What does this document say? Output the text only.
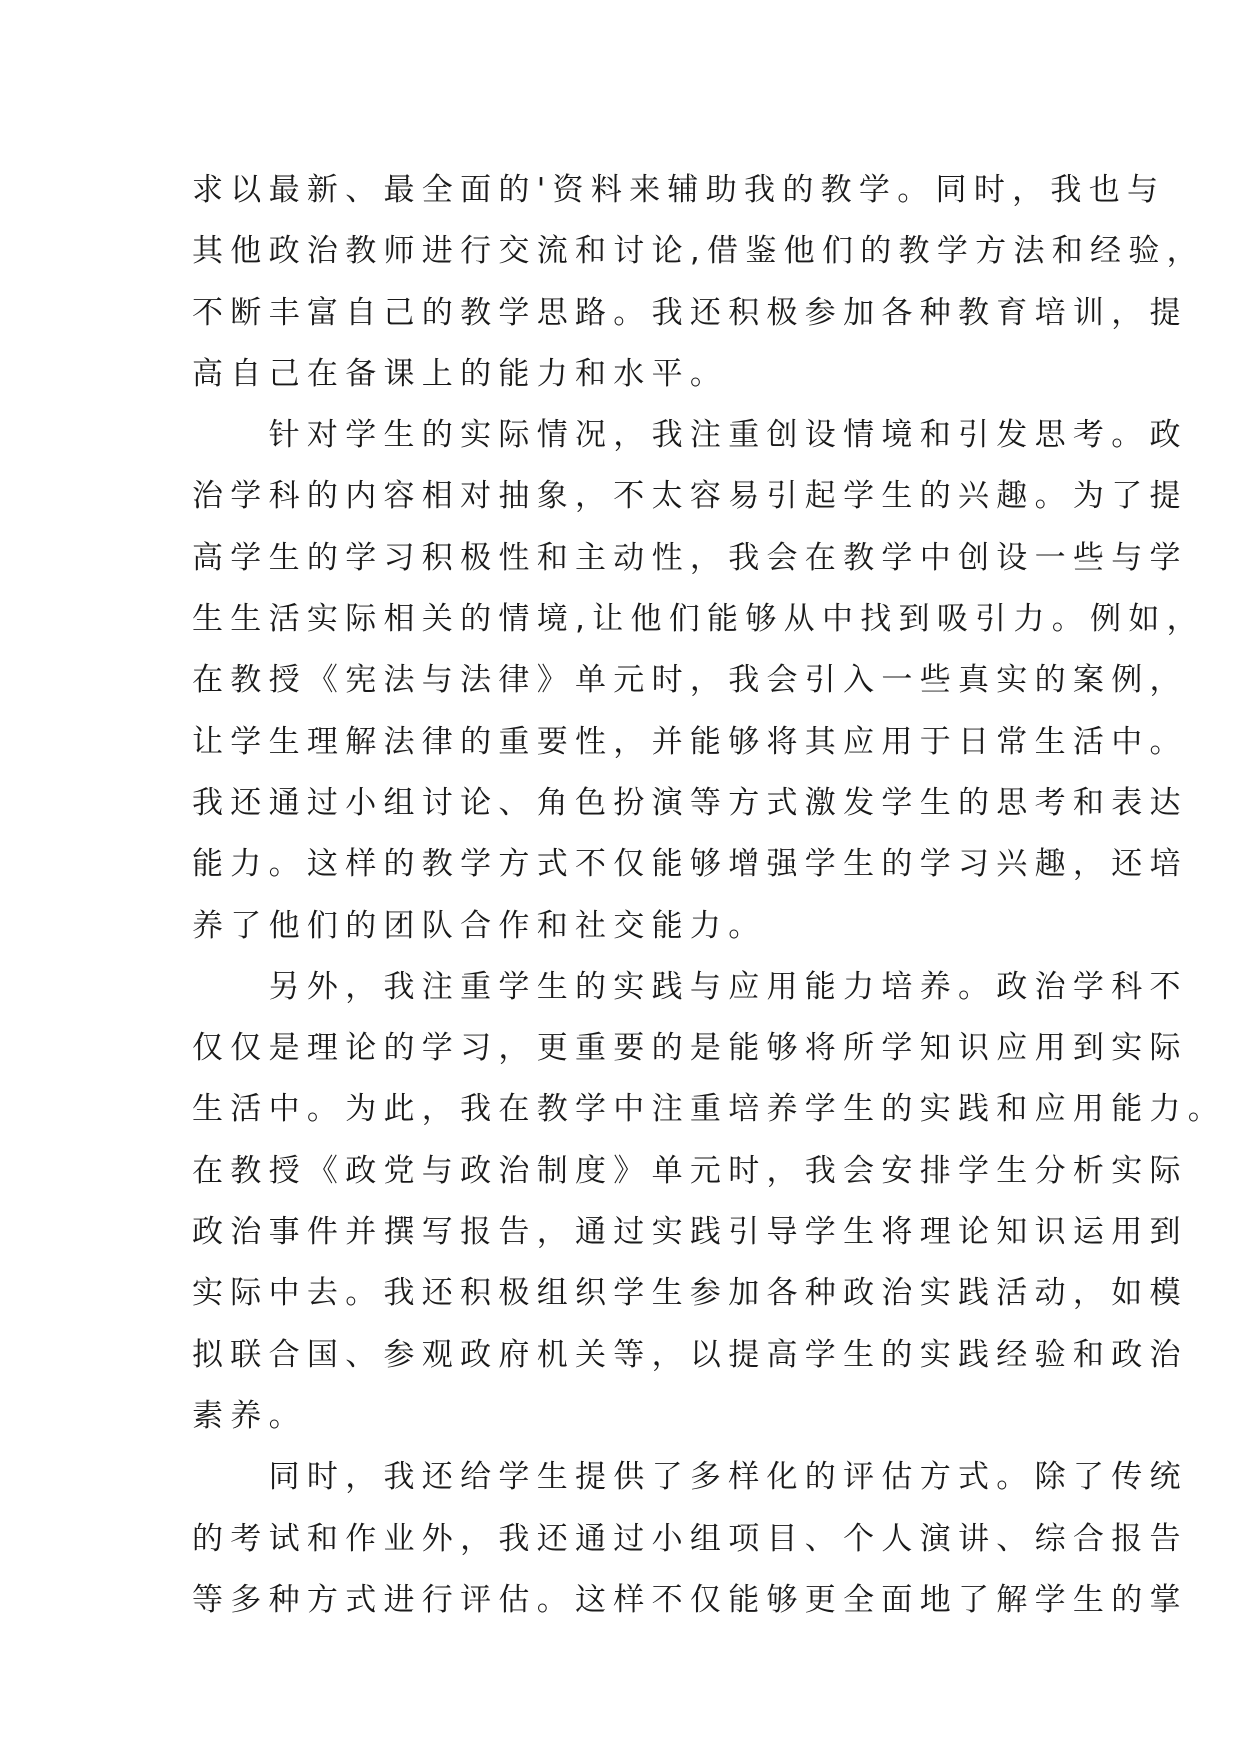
求以最新、最全面的'资料来辅助我的教学。同时，我也与
其他政治教师进行交流和讨论,借鉴他们的教学方法和经验，
不断丰富自己的教学思路。我还积极参加各种教育培训，提
高自己在备课上的能力和水平。
　　针对学生的实际情况，我注重创设情境和引发思考。政
治学科的内容相对抽象，不太容易引起学生的兴趣。为了提
高学生的学习积极性和主动性，我会在教学中创设一些与学
生生活实际相关的情境,让他们能够从中找到吸引力。例如，
在教授《宪法与法律》单元时，我会引入一些真实的案例，
让学生理解法律的重要性，并能够将其应用于日常生活中。
我还通过小组讨论、角色扮演等方式激发学生的思考和表达
能力。这样的教学方式不仅能够增强学生的学习兴趣，还培
养了他们的团队合作和社交能力。
　　另外，我注重学生的实践与应用能力培养。政治学科不
仅仅是理论的学习，更重要的是能够将所学知识应用到实际
生活中。为此，我在教学中注重培养学生的实践和应用能力。
在教授《政党与政治制度》单元时，我会安排学生分析实际
政治事件并撰写报告，通过实践引导学生将理论知识运用到
实际中去。我还积极组织学生参加各种政治实践活动，如模
拟联合国、参观政府机关等，以提高学生的实践经验和政治
素养。
　　同时，我还给学生提供了多样化的评估方式。除了传统
的考试和作业外，我还通过小组项目、个人演讲、综合报告
等多种方式进行评估。这样不仅能够更全面地了解学生的掌
